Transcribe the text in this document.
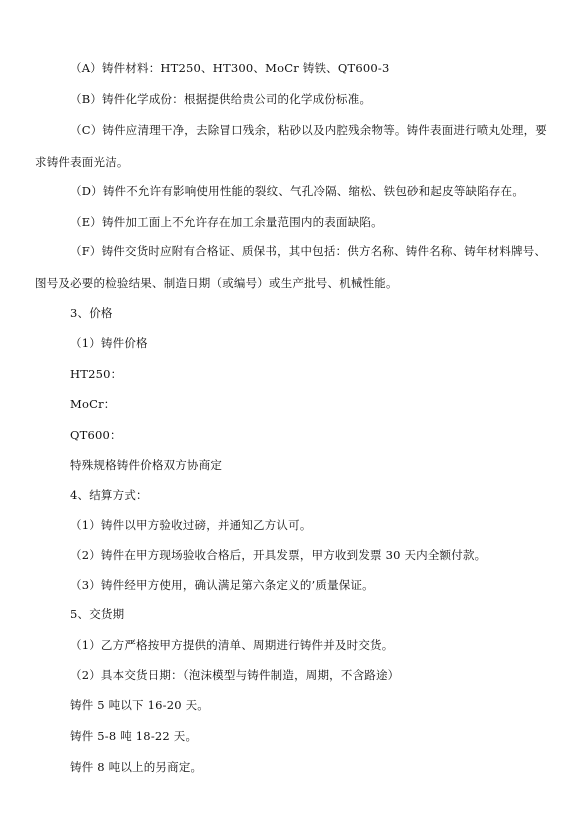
（A）铸件材料：HT250、HT300、MoCr 铸铁、QT600-3
（B）铸件化学成份：根据提供给贵公司的化学成份标准。
（C）铸件应清理干净，去除冒口残余，粘砂以及内腔残余物等。铸件表面进行喷丸处理，要
求铸件表面光洁。
（D）铸件不允许有影响使用性能的裂纹、气孔冷隔、缩松、铁包砂和起皮等缺陷存在。
（E）铸件加工面上不允许存在加工余量范围内的表面缺陷。
（F）铸件交货时应附有合格证、质保书，其中包括：供方名称、铸件名称、铸年材料牌号、
图号及必要的检验结果、制造日期（或编号）或生产批号、机械性能。
3、价格
（1）铸件价格
HT250：
MoCr：
QT600：
特殊规格铸件价格双方协商定
4、结算方式：
（1）铸件以甲方验收过磅，并通知乙方认可。
（2）铸件在甲方现场验收合格后，开具发票，甲方收到发票 30 天内全额付款。
（3）铸件经甲方使用，确认满足第六条定义的’质量保证。
5、交货期
（1）乙方严格按甲方提供的清单、周期进行铸件并及时交货。
（2）具本交货日期：（泡沫模型与铸件制造，周期，不含路途）
铸件 5 吨以下 16-20 天。
铸件 5-8 吨 18-22 天。
铸件 8 吨以上的另商定。
